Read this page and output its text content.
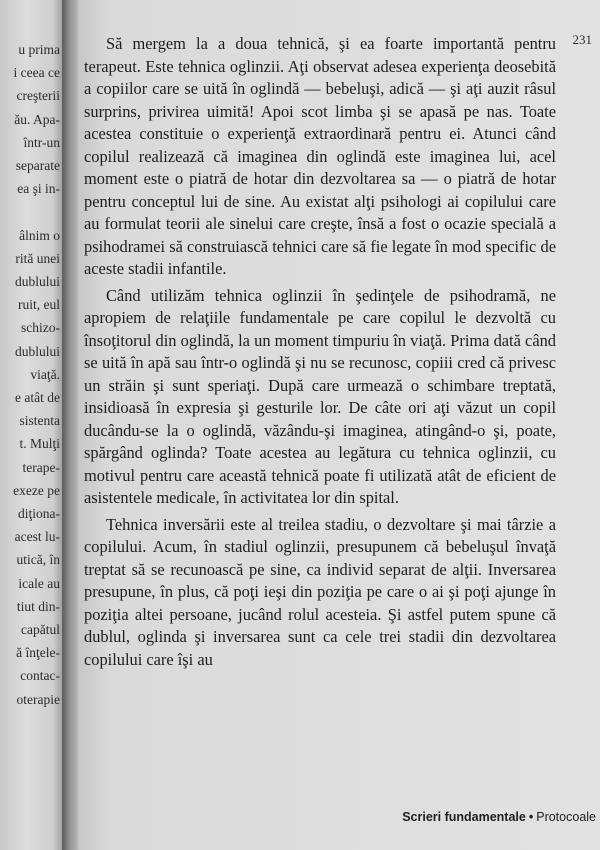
u prima
i ceea ce
creşterii
ău. Apa-
într-un
separate
ea şi in-

âlnim o
rită unei
dublului
ruit, eul
schizo-
dublului
viaţă.
e atât de
sistenta
t. Mulţi
terape-
exeze pe
diţiona-
acest lu-
utică, în
icale au
tiut din-
capătul
ă înţele-
contac-
oterapie
231

Să mergem la a doua tehnică, şi ea foarte importantă pentru terapeut. Este tehnica oglinzii. Aţi observat adesea experienţa deosebită a copiilor care se uită în oglindă — bebeluşi, adică — şi aţi auzit râsul surprins, privirea uimită! Apoi scot limba şi se apasă pe nas. Toate acestea constituie o experienţă extraordinară pentru ei. Atunci când copilul realizează că imaginea din oglindă este imaginea lui, acel moment este o piatră de hotar din dezvoltarea sa — o piatră de hotar pentru conceptul lui de sine. Au existat alţi psihologi ai copilului care au formulat teorii ale sinelui care creşte, însă a fost o ocazie specială a psihodramei să construiască tehnici care să fie legate în mod specific de aceste stadii infantile.

Când utilizăm tehnica oglinzii în şedinţele de psihodramă, ne apropiem de relaţiile fundamentale pe care copilul le dezvoltă cu însoţitorul din oglindă, la un moment timpuriu în viaţă. Prima dată când se uită în apă sau într-o oglindă şi nu se recunosc, copiii cred că privesc un străin şi sunt speriaţi. După care urmează o schimbare treptată, insidioasă în expresia şi gesturile lor. De câte ori aţi văzut un copil ducându-se la o oglindă, văzându-şi imaginea, atingând-o şi, poate, spărgând oglinda? Toate acestea au legătura cu tehnica oglinzii, cu motivul pentru care această tehnică poate fi utilizată atât de eficient de asistentele medicale, în activitatea lor din spital.

Tehnica inversării este al treilea stadiu, o dezvoltare şi mai târzie a copilului. Acum, în stadiul oglinzii, presupunem că bebeluşul învaţă treptat să se recunoască pe sine, ca individ separat de alţii. Inversarea presupune, în plus, că poţi ieşi din poziţia pe care o ai şi poţi ajunge în poziţia altei persoane, jucând rolul acesteia. Şi astfel putem spune că dublul, oglinda şi inversarea sunt ca cele trei stadii din dezvoltarea copilului care îşi au

Scrieri fundamentale • Protocoale
